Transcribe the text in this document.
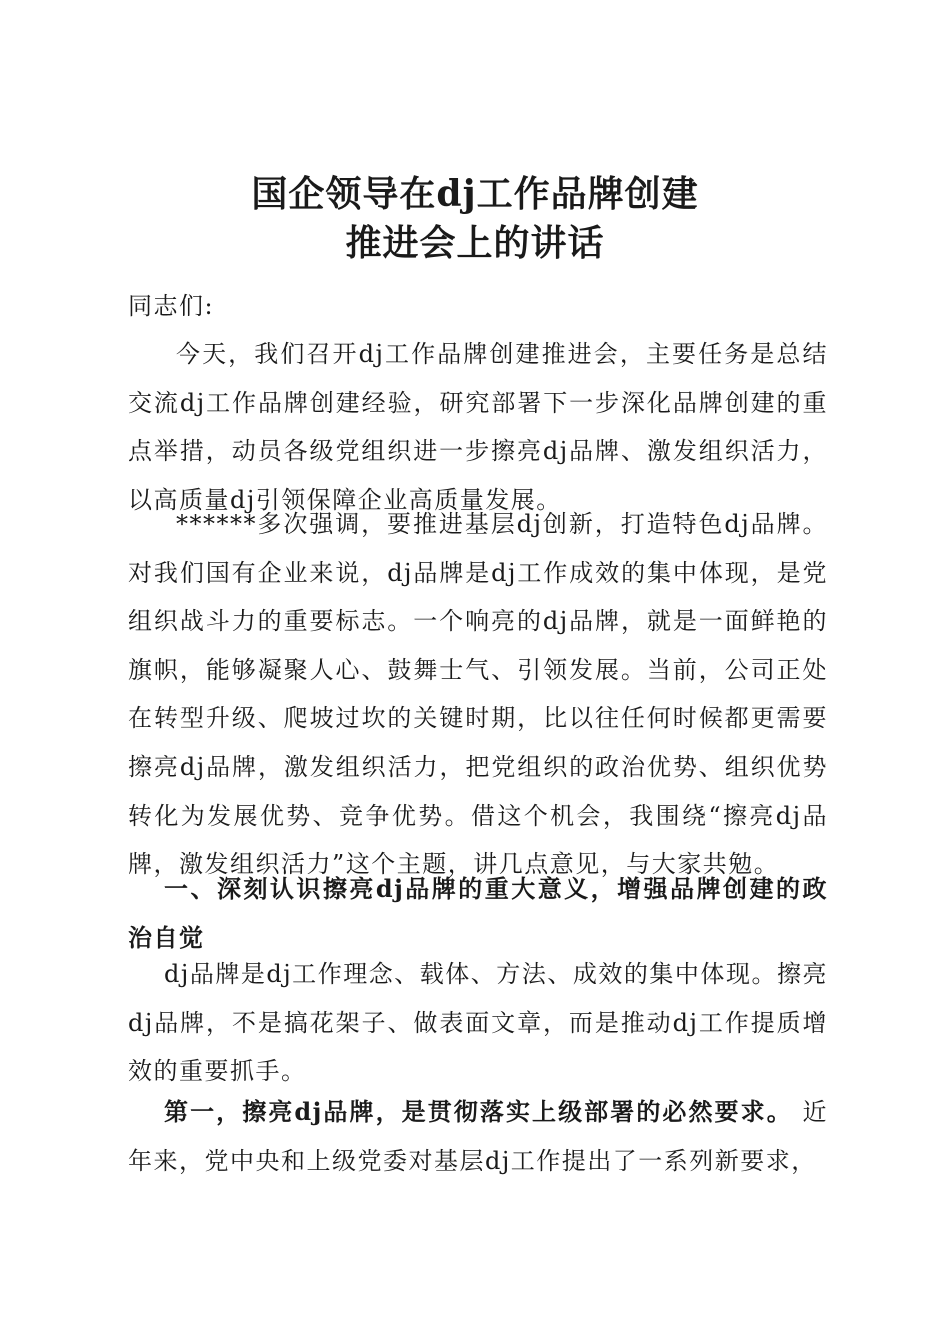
国企领导在dj工作品牌创建
推进会上的讲话
同志们:
今天，我们召开dj工作品牌创建推进会，主要任务是总结交流dj工作品牌创建经验，研究部署下一步深化品牌创建的重点举措，动员各级党组织进一步擦亮dj品牌、激发组织活力，以高质量dj引领保障企业高质量发展。
******多次强调，要推进基层dj创新，打造特色dj品牌。对我们国有企业来说，dj品牌是dj工作成效的集中体现，是党组织战斗力的重要标志。一个响亮的dj品牌，就是一面鲜艳的旗帜，能够凝聚人心、鼓舞士气、引领发展。当前，公司正处在转型升级、爬坡过坎的关键时期，比以往任何时候都更需要擦亮dj品牌，激发组织活力，把党组织的政治优势、组织优势转化为发展优势、竞争优势。借这个机会，我围绕“擦亮dj品牌，激发组织活力”这个主题，讲几点意见，与大家共勉。
一、深刻认识擦亮dj品牌的重大意义，增强品牌创建的政治自觉
dj品牌是dj工作理念、载体、方法、成效的集中体现。擦亮dj品牌，不是搞花架子、做表面文章，而是推动dj工作提质增效的重要抓手。
第一，擦亮dj品牌，是贯彻落实上级部署的必然要求。 近年来，党中央和上级党委对基层dj工作提出了一系列新要求，
